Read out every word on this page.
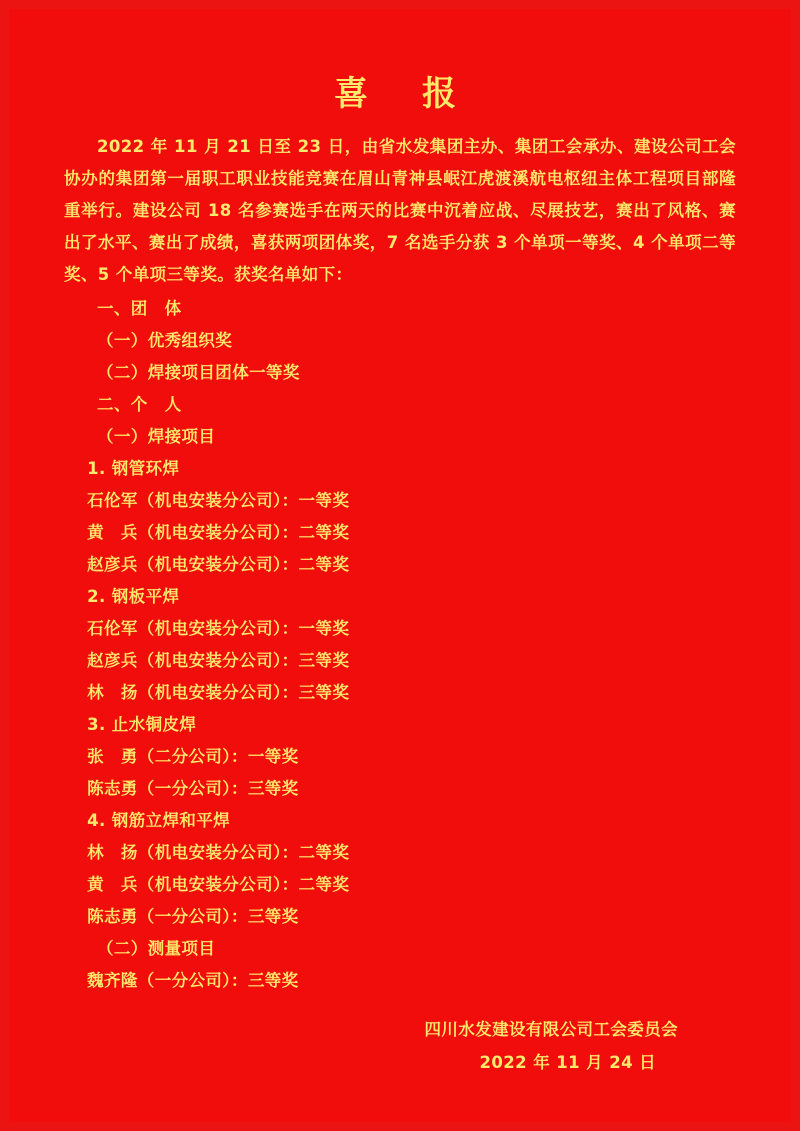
喜　报

2022 年 11 月 21 日至 23 日，由省水发集团主办、集团工会承办、建设公司工会协办的集团第一届职工职业技能竞赛在眉山青神县岷江虎渡溪航电枢纽主体工程项目部隆重举行。建设公司 18 名参赛选手在两天的比赛中沉着应战、尽展技艺，赛出了风格、赛出了水平、赛出了成绩，喜获两项团体奖，7 名选手分获 3 个单项一等奖、4 个单项二等奖、5 个单项三等奖。获奖名单如下：

一、团　体
（一）优秀组织奖
（二）焊接项目团体一等奖
二、个　人
（一）焊接项目
1. 钢管环焊
石伦军（机电安装分公司）：一等奖
黄　兵（机电安装分公司）：二等奖
赵彦兵（机电安装分公司）：二等奖
2. 钢板平焊
石伦军（机电安装分公司）：一等奖
赵彦兵（机电安装分公司）：三等奖
林　扬（机电安装分公司）：三等奖
3. 止水铜皮焊
张　勇（二分公司）：一等奖
陈志勇（一分公司）：三等奖
4. 钢筋立焊和平焊
林　扬（机电安装分公司）：二等奖
黄　兵（机电安装分公司）：二等奖
陈志勇（一分公司）：三等奖
（二）测量项目
魏齐隆（一分公司）：三等奖
四川水发建设有限公司工会委员会
2022 年 11 月 24 日
